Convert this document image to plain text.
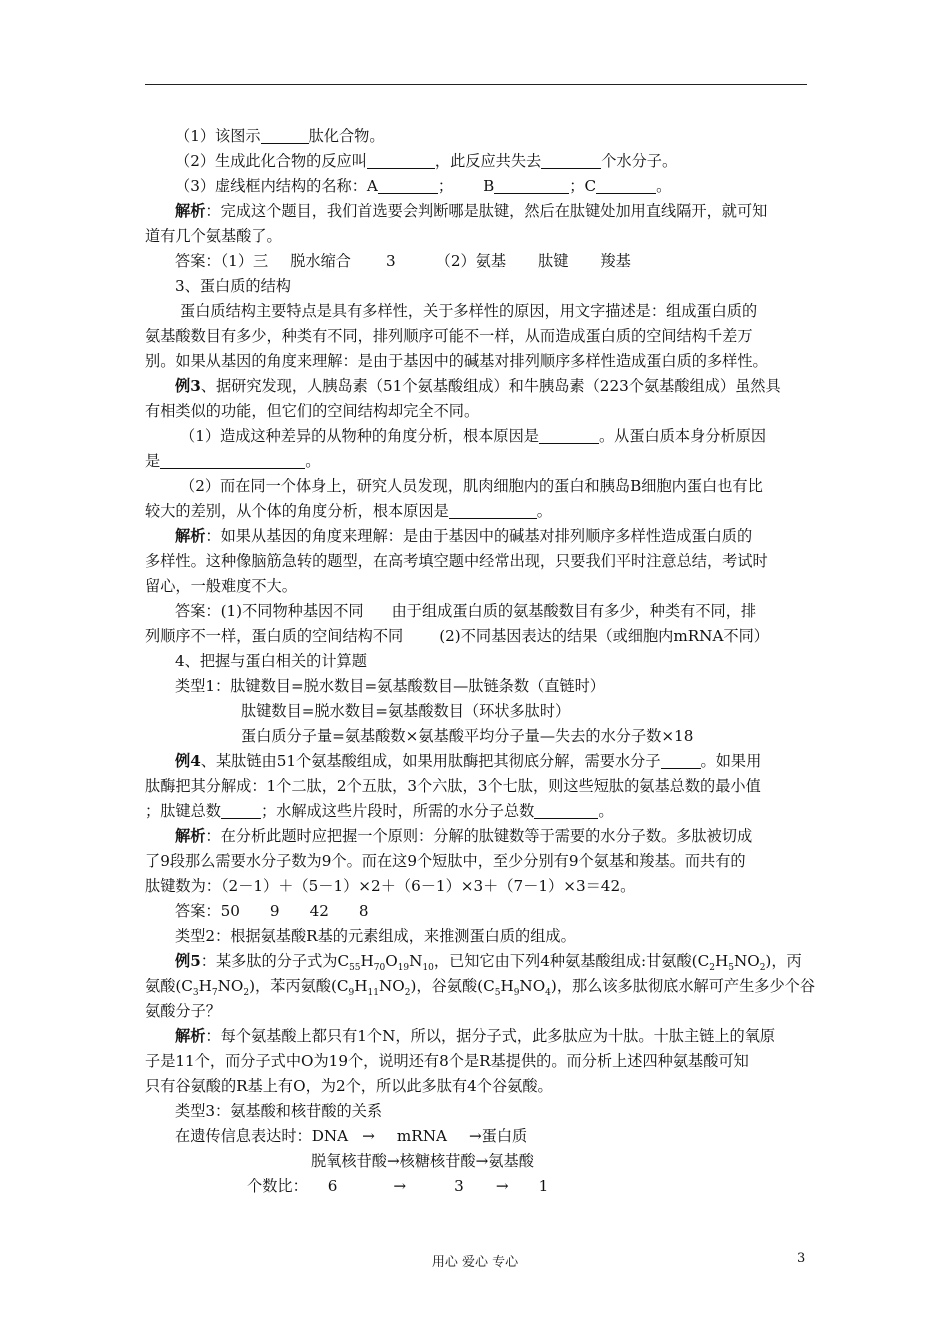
（1）该图示	肽化合物。
（2）生成此化合物的反应叫	，此反应共失去	个水分子。
（3）虚线框内结构的名称：A	； B	；C	。
解析：完成这个题目，我们首选要会判断哪是肽键，然后在肽键处加用直线隔开，就可知
道有几个氨基酸了。
答案：（1）三 脱水缩合 3	（2）氨基 肽键 羧基
3、蛋白质的结构
蛋白质结构主要特点是具有多样性，关于多样性的原因，用文字描述是：组成蛋白质的
氨基酸数目有多少，种类有不同，排列顺序可能不一样，从而造成蛋白质的空间结构千差万
别。如果从基因的角度来理解：是由于基因中的碱基对排列顺序多样性造成蛋白质的多样性。
例3、据研究发现，人胰岛素（51个氨基酸组成）和牛胰岛素（223个氨基酸组成）虽然具
有相类似的功能，但它们的空间结构却完全不同。
（1）造成这种差异的从物种的角度分析，根本原因是	。从蛋白质本身分析原因
是	。
（2）而在同一个体身上，研究人员发现，肌肉细胞内的蛋白和胰岛B细胞内蛋白也有比
较大的差别，从个体的角度分析，根本原因是	。
解析：如果从基因的角度来理解：是由于基因中的碱基对排列顺序多样性造成蛋白质的
多样性。这种像脑筋急转的题型，在高考填空题中经常出现，只要我们平时注意总结，考试时
留心，一般难度不大。
答案：(1)不同物种基因不同 由于组成蛋白质的氨基酸数目有多少，种类有不同，排
列顺序不一样，蛋白质的空间结构不同 (2)不同基因表达的结果（或细胞内mRNA不同）
4、把握与蛋白相关的计算题
类型1：肽键数目=脱水数目=氨基酸数目—肽链条数（直链时）
肽键数目=脱水数目=氨基酸数目（环状多肽时）
蛋白质分子量=氨基酸数×氨基酸平均分子量—失去的水分子数×18
例4、某肽链由51个氨基酸组成，如果用肽酶把其彻底分解，需要水分子	。如果用
肽酶把其分解成：1个二肽，2个五肽，3个六肽，3个七肽，则这些短肽的氨基总数的最小值
；肽键总数	；水解成这些片段时，所需的水分子总数	。
解析：在分析此题时应把握一个原则：分解的肽键数等于需要的水分子数。多肽被切成
了9段那么需要水分子数为9个。而在这9个短肽中，至少分别有9个氨基和羧基。而共有的
肽键数为：（2－1）＋（5－1）×2＋（6－1）×3＋（7－1）×3＝42。
答案：50 9 42 8
类型2：根据氨基酸R基的元素组成，来推测蛋白质的组成。
例5：某多肽的分子式为$C_{55}H_{70}O_{19}N_{10}$，已知它由下列4种氨基酸组成:甘氨酸$(C_2H_5NO_2)$，丙
氨酸$(C_3H_7NO_2)$，苯丙氨酸$(C_9H_{11}NO_2)$，谷氨酸$(C_5H_9NO_4)$，那么该多肽彻底水解可产生多少个谷
氨酸分子？
解析：每个氨基酸上都只有1个N，所以，据分子式，此多肽应为十肽。十肽主链上的氧原
子是11个，而分子式中O为19个，说明还有8个是R基提供的。而分析上述四种氨基酸可知
只有谷氨酸的R基上有O，为2个，所以此多肽有4个谷氨酸。
类型3：氨基酸和核苷酸的关系
在遗传信息表达时：DNA → mRNA →蛋白质
脱氧核苷酸→核糖核苷酸→氨基酸
个数比： 6	→	3 → 1
用心 爱心 专心	3
